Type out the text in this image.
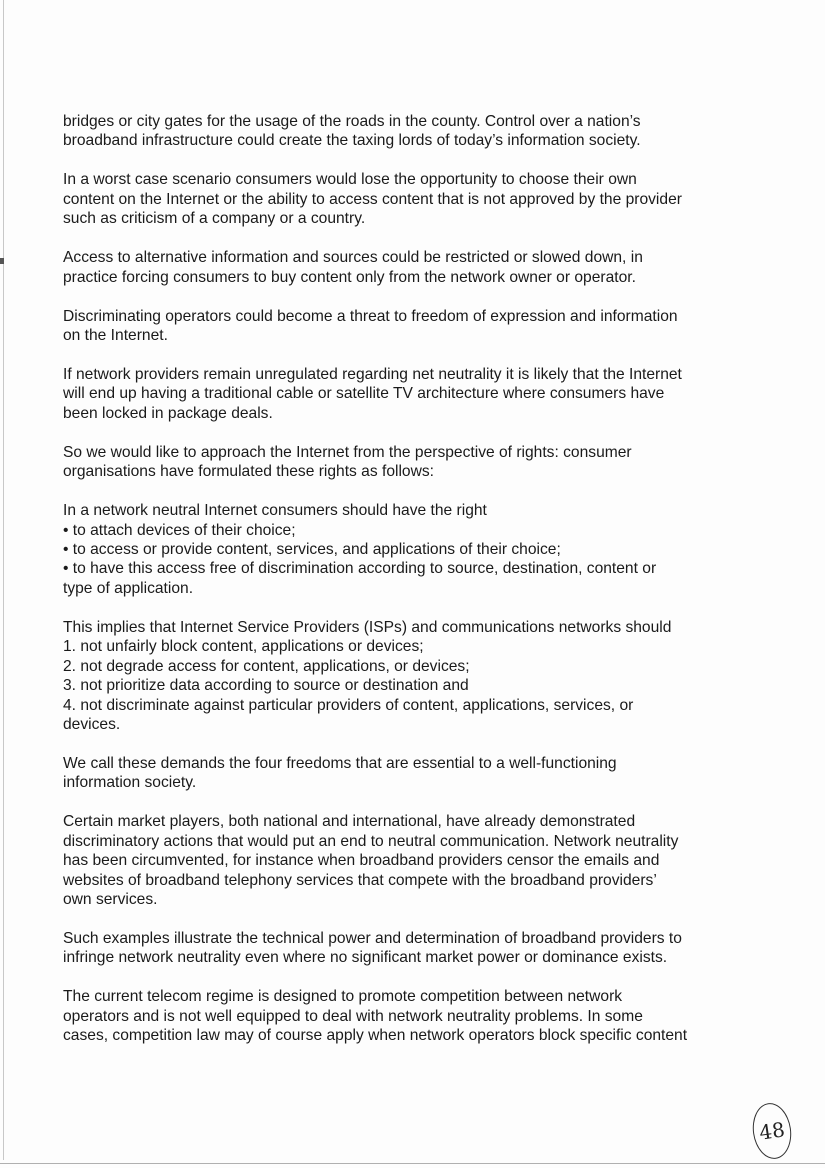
bridges or city gates for the usage of the roads in the county. Control over a nation’s
broadband infrastructure could create the taxing lords of today’s information society.
In a worst case scenario consumers would lose the opportunity to choose their own
content on the Internet or the ability to access content that is not approved by the provider
such as criticism of a company or a country.
Access to alternative information and sources could be restricted or slowed down, in
practice forcing consumers to buy content only from the network owner or operator.
Discriminating operators could become a threat to freedom of expression and information
on the Internet.
If network providers remain unregulated regarding net neutrality it is likely that the Internet
will end up having a traditional cable or satellite TV architecture where consumers have
been locked in package deals.
So we would like to approach the Internet from the perspective of rights: consumer
organisations have formulated these rights as follows:
In a network neutral Internet consumers should have the right
• to attach devices of their choice;
• to access or provide content, services, and applications of their choice;
• to have this access free of discrimination according to source, destination, content or
type of application.
This implies that Internet Service Providers (ISPs) and communications networks should
1. not unfairly block content, applications or devices;
2. not degrade access for content, applications, or devices;
3. not prioritize data according to source or destination and
4. not discriminate against particular providers of content, applications, services, or
devices.
We call these demands the four freedoms that are essential to a well-functioning
information society.
Certain market players, both national and international, have already demonstrated
discriminatory actions that would put an end to neutral communication. Network neutrality
has been circumvented, for instance when broadband providers censor the emails and
websites of broadband telephony services that compete with the broadband providers’
own services.
Such examples illustrate the technical power and determination of broadband providers to
infringe network neutrality even where no significant market power or dominance exists.
The current telecom regime is designed to promote competition between network
operators and is not well equipped to deal with network neutrality problems. In some
cases, competition law may of course apply when network operators block specific content
48
